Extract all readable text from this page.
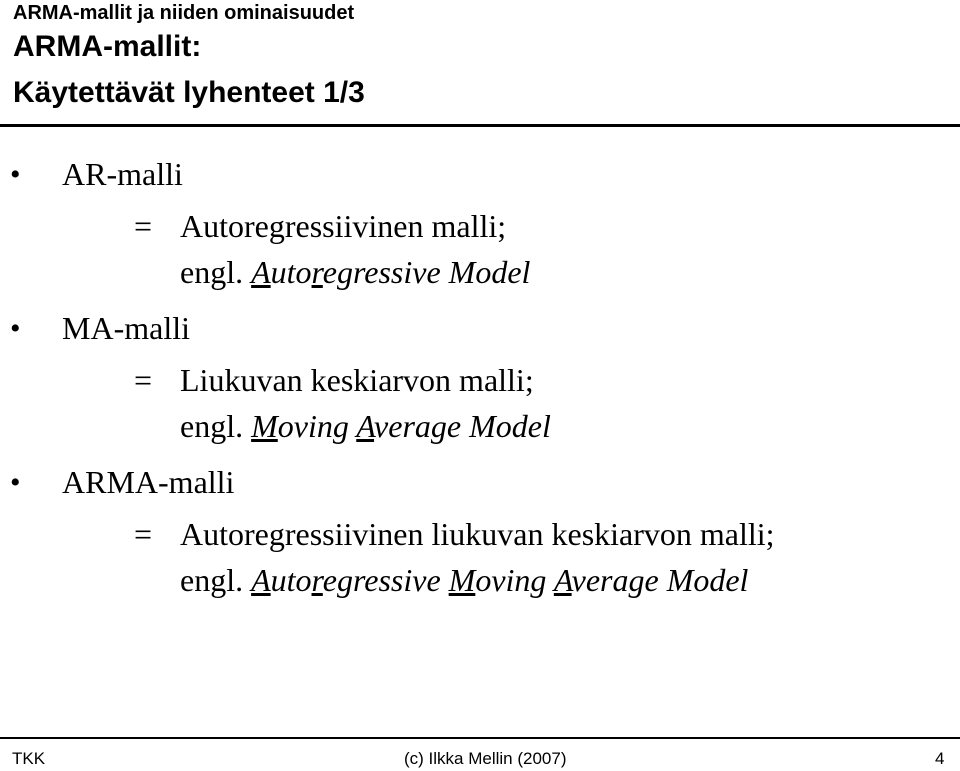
ARMA-mallit ja niiden ominaisuudet
ARMA-mallit:
Käytettävät lyhenteet 1/3
• AR-malli
= Autoregressiivinen malli;
engl. Autoregressive Model
• MA-malli
= Liukuvan keskiarvon malli;
engl. Moving Average Model
• ARMA-malli
= Autoregressiivinen liukuvan keskiarvon malli;
engl. Autoregressive Moving Average Model
TKK	(c) Ilkka Mellin (2007)	4
